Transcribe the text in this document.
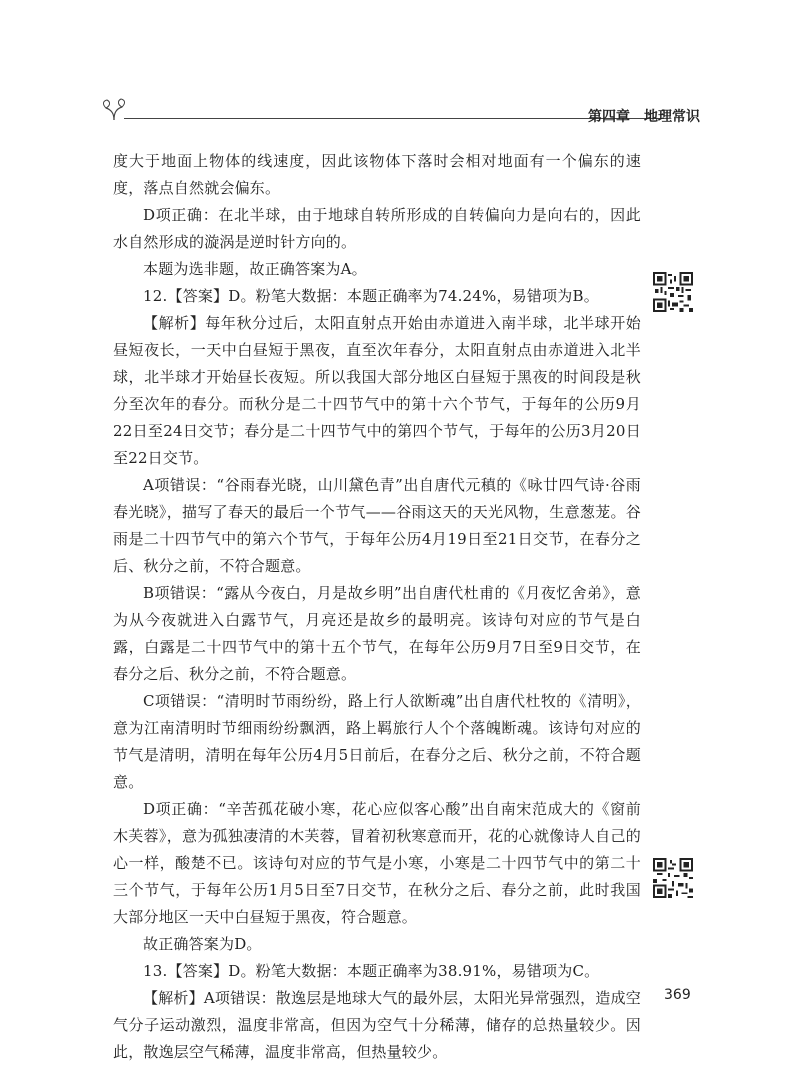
第四章　地理常识

度大于地面上物体的线速度，因此该物体下落时会相对地面有一个偏东的速度，落点自然就会偏东。

D项正确：在北半球，由于地球自转所形成的自转偏向力是向右的，因此水自然形成的漩涡是逆时针方向的。

本题为选非题，故正确答案为A。

12.【答案】D。粉笔大数据：本题正确率为74.24%，易错项为B。

【解析】每年秋分过后，太阳直射点开始由赤道进入南半球，北半球开始昼短夜长，一天中白昼短于黑夜，直至次年春分，太阳直射点由赤道进入北半球，北半球才开始昼长夜短。所以我国大部分地区白昼短于黑夜的时间段是秋分至次年的春分。而秋分是二十四节气中的第十六个节气，于每年的公历9月22日至24日交节；春分是二十四节气中的第四个节气，于每年的公历3月20日至22日交节。

A项错误：“谷雨春光晓，山川黛色青”出自唐代元稹的《咏廿四气诗·谷雨春光晓》，描写了春天的最后一个节气——谷雨这天的天光风物，生意葱茏。谷雨是二十四节气中的第六个节气，于每年公历4月19日至21日交节，在春分之后、秋分之前，不符合题意。

B项错误：“露从今夜白，月是故乡明”出自唐代杜甫的《月夜忆舍弟》，意为从今夜就进入白露节气，月亮还是故乡的最明亮。该诗句对应的节气是白露，白露是二十四节气中的第十五个节气，在每年公历9月7日至9日交节，在春分之后、秋分之前，不符合题意。

C项错误：“清明时节雨纷纷，路上行人欲断魂”出自唐代杜牧的《清明》，意为江南清明时节细雨纷纷飘洒，路上羁旅行人个个落魄断魂。该诗句对应的节气是清明，清明在每年公历4月5日前后，在春分之后、秋分之前，不符合题意。

D项正确：“辛苦孤花破小寒，花心应似客心酸”出自南宋范成大的《窗前木芙蓉》，意为孤独凄清的木芙蓉，冒着初秋寒意而开，花的心就像诗人自己的心一样，酸楚不已。该诗句对应的节气是小寒，小寒是二十四节气中的第二十三个节气，于每年公历1月5日至7日交节，在秋分之后、春分之前，此时我国大部分地区一天中白昼短于黑夜，符合题意。

故正确答案为D。

13.【答案】D。粉笔大数据：本题正确率为38.91%，易错项为C。

【解析】A项错误：散逸层是地球大气的最外层，太阳光异常强烈，造成空气分子运动激烈，温度非常高，但因为空气十分稀薄，储存的总热量较少。因此，散逸层空气稀薄，温度非常高，但热量较少。

369
